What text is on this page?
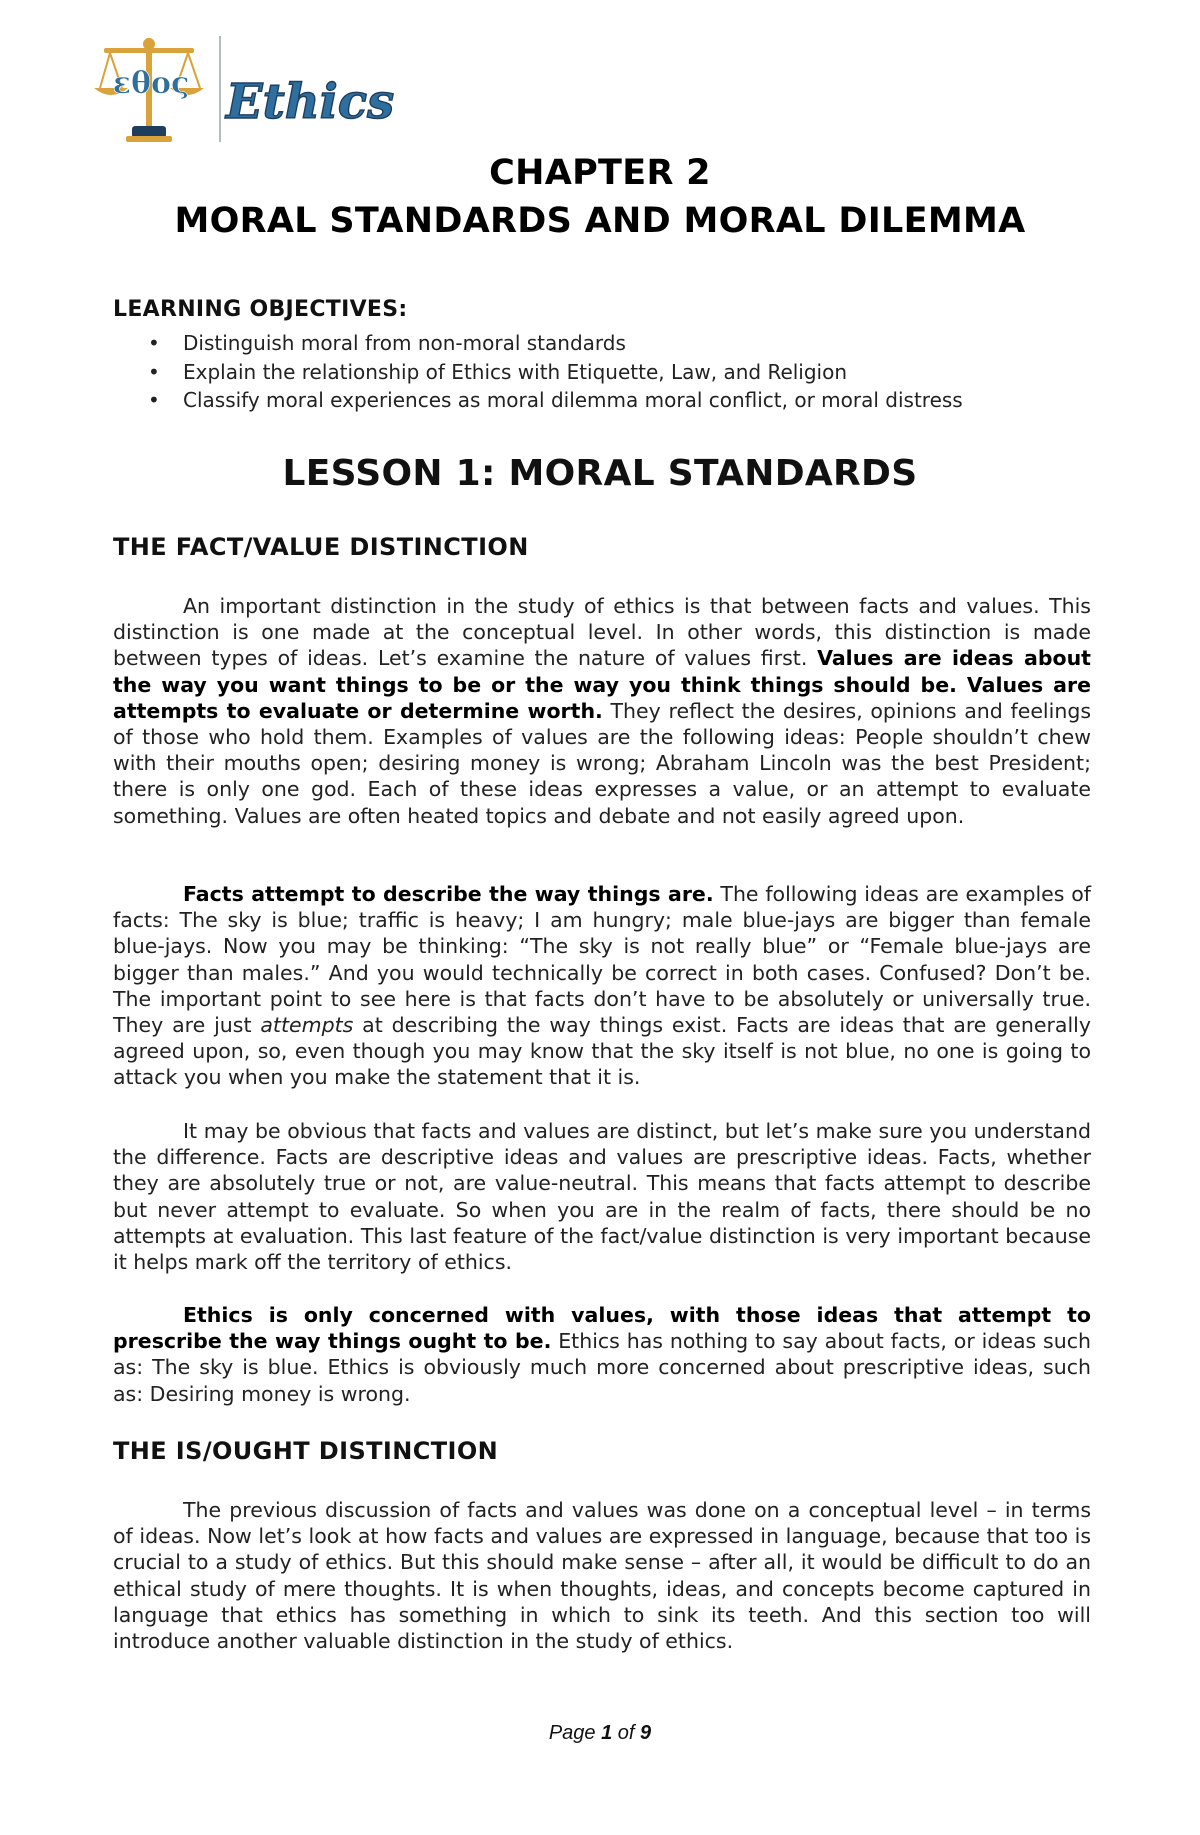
εθος Ethics
CHAPTER 2
MORAL STANDARDS AND MORAL DILEMMA
LEARNING OBJECTIVES:
• Distinguish moral from non-moral standards
• Explain the relationship of Ethics with Etiquette, Law, and Religion
• Classify moral experiences as moral dilemma moral conflict, or moral distress
LESSON 1: MORAL STANDARDS
THE FACT/VALUE DISTINCTION

An important distinction in the study of ethics is that between facts and values. This distinction is one made at the conceptual level. In other words, this distinction is made between types of ideas. Let’s examine the nature of values first. Values are ideas about the way you want things to be or the way you think things should be. Values are attempts to evaluate or determine worth. They reflect the desires, opinions and feelings of those who hold them. Examples of values are the following ideas: People shouldn’t chew with their mouths open; desiring money is wrong; Abraham Lincoln was the best President; there is only one god. Each of these ideas expresses a value, or an attempt to evaluate something. Values are often heated topics and debate and not easily agreed upon.

Facts attempt to describe the way things are. The following ideas are examples of facts: The sky is blue; traffic is heavy; I am hungry; male blue-jays are bigger than female blue-jays. Now you may be thinking: “The sky is not really blue” or “Female blue-jays are bigger than males.” And you would technically be correct in both cases. Confused? Don’t be. The important point to see here is that facts don’t have to be absolutely or universally true. They are just attempts at describing the way things exist. Facts are ideas that are generally agreed upon, so, even though you may know that the sky itself is not blue, no one is going to attack you when you make the statement that it is.

It may be obvious that facts and values are distinct, but let’s make sure you understand the difference. Facts are descriptive ideas and values are prescriptive ideas. Facts, whether they are absolutely true or not, are value-neutral. This means that facts attempt to describe but never attempt to evaluate. So when you are in the realm of facts, there should be no attempts at evaluation. This last feature of the fact/value distinction is very important because it helps mark off the territory of ethics.

Ethics is only concerned with values, with those ideas that attempt to prescribe the way things ought to be. Ethics has nothing to say about facts, or ideas such as: The sky is blue. Ethics is obviously much more concerned about prescriptive ideas, such as: Desiring money is wrong.

THE IS/OUGHT DISTINCTION

The previous discussion of facts and values was done on a conceptual level – in terms of ideas. Now let’s look at how facts and values are expressed in language, because that too is crucial to a study of ethics. But this should make sense – after all, it would be difficult to do an ethical study of mere thoughts. It is when thoughts, ideas, and concepts become captured in language that ethics has something in which to sink its teeth. And this section too will introduce another valuable distinction in the study of ethics.

Page 1 of 9
